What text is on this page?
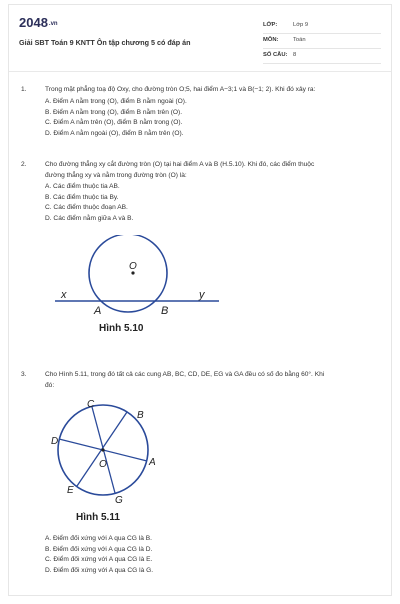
2048.vn
Giải SBT Toán 9 KNTT Ôn tập chương 5 có đáp án
LỚP:	Lớp 9
MÔN:	Toán
SỐ CÂU: 8
1.	Trong mặt phẳng toạ độ Oxy, cho đường tròn O;5, hai điểm A−3;1 và B(−1; 2). Khi đó xảy ra:
A. Điểm A nằm trong (O), điểm B nằm ngoài (O).
B. Điểm A nằm trong (O), điểm B nằm trên (O).
C. Điểm A nằm trên (O), điểm B nằm trong (O).
D. Điểm A nằm ngoài (O), điểm B nằm trên (O).
2.	Cho đường thẳng xy cắt đường tròn (O) tại hai điểm A và B (H.5.10). Khi đó, các điểm thuộc
đường thẳng xy và nằm trong đường tròn (O) là:
A. Các điểm thuộc tia AB.
B. Các điểm thuộc tia By.
C. Các điểm thuộc đoạn AB.
D. Các điểm nằm giữa A và B.
O
x	y
A	B
Hình 5.10
3.	Cho Hình 5.11, trong đó tất cả các cung AB, BC, CD, DE, EG và GA đều có số đo bằng 60°. Khi
đó:
O
C
B
D
A
E
G
Hình 5.11
A. Điểm đối xứng với A qua CG là B.
B. Điểm đối xứng với A qua CG là D.
C. Điểm đối xứng với A qua CG là E.
D. Điểm đối xứng với A qua CG là G.
